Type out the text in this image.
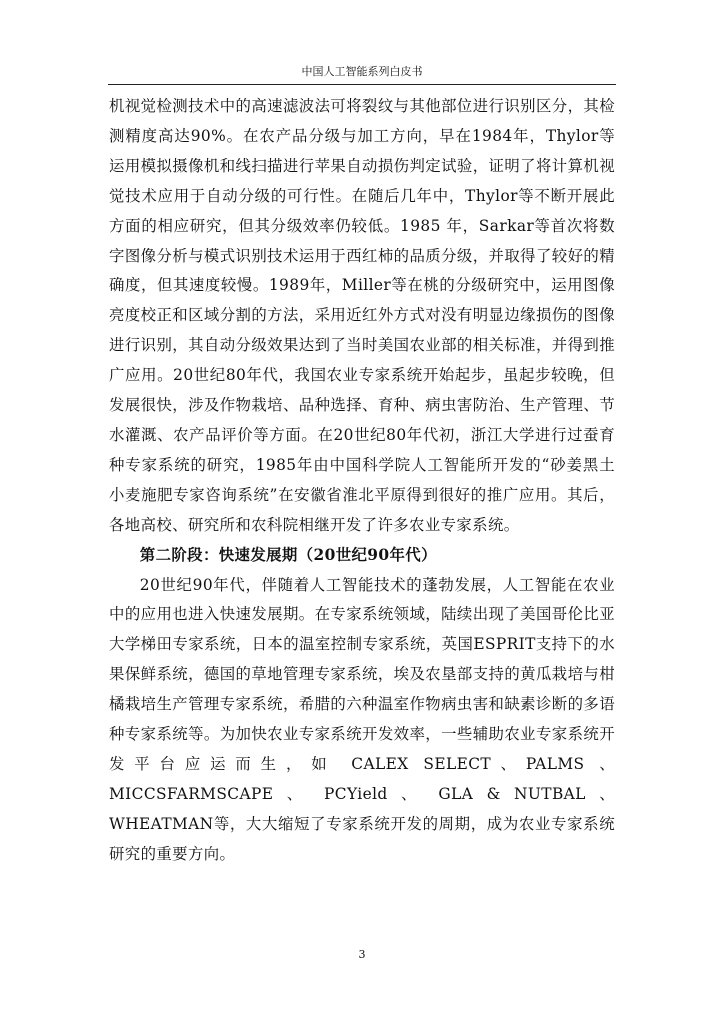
中国人工智能系列白皮书

机视觉检测技术中的高速滤波法可将裂纹与其他部位进行识别区分，其检测精度高达90%。在农产品分级与加工方向，早在1984年，Thylor等运用模拟摄像机和线扫描进行苹果自动损伤判定试验，证明了将计算机视觉技术应用于自动分级的可行性。在随后几年中，Thylor等不断开展此方面的相应研究，但其分级效率仍较低。1985 年，Sarkar等首次将数字图像分析与模式识别技术运用于西红柿的品质分级，并取得了较好的精确度，但其速度较慢。1989年，Miller等在桃的分级研究中，运用图像亮度校正和区域分割的方法，采用近红外方式对没有明显边缘损伤的图像进行识别，其自动分级效果达到了当时美国农业部的相关标准，并得到推广应用。20世纪80年代，我国农业专家系统开始起步，虽起步较晚，但发展很快，涉及作物栽培、品种选择、育种、病虫害防治、生产管理、节水灌溉、农产品评价等方面。在20世纪80年代初，浙江大学进行过蚕育种专家系统的研究，1985年由中国科学院人工智能所开发的“砂姜黑土小麦施肥专家咨询系统”在安徽省淮北平原得到很好的推广应用。其后，各地高校、研究所和农科院相继开发了许多农业专家系统。

第二阶段：快速发展期（20世纪90年代）

20世纪90年代，伴随着人工智能技术的蓬勃发展，人工智能在农业中的应用也进入快速发展期。在专家系统领域，陆续出现了美国哥伦比亚大学梯田专家系统，日本的温室控制专家系统，英国ESPRIT支持下的水果保鲜系统，德国的草地管理专家系统，埃及农垦部支持的黄瓜栽培与柑橘栽培生产管理专家系统，希腊的六种温室作物病虫害和缺素诊断的多语种专家系统等。为加快农业专家系统开发效率，一些辅助农业专家系统开发平台应运而生，如 CALEX SELECT、PALMS 、 MICCSFARMSCAPE 、 PCYield 、 GLA & NUTBAL 、WHEATMAN等，大大缩短了专家系统开发的周期，成为农业专家系统研究的重要方向。

3
